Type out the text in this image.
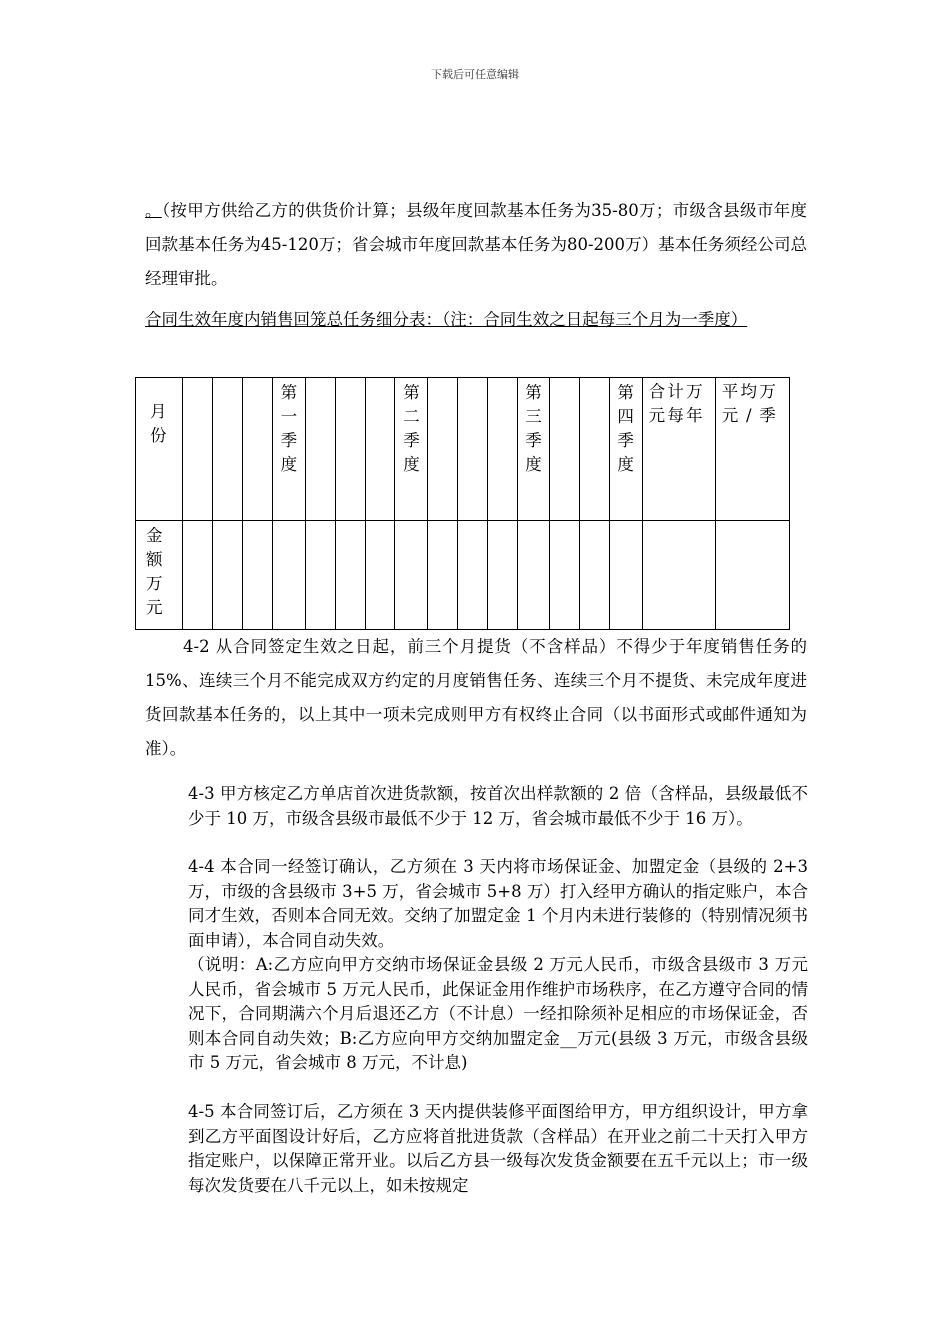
下载后可任意编辑

。（按甲方供给乙方的供货价计算；县级年度回款基本任务为35-80万；市级含县级市年度回款基本任务为45-120万；省会城市年度回款基本任务为80-200万）基本任务须经公司总经理审批。

合同生效年度内销售回笼总任务细分表：（注：合同生效之日起每三个月为一季度）

月份				第一季度				第二季度				第三季度			第四季度	合计万元每年	平均万元/季

金额万元																	

4-2 从合同签定生效之日起，前三个月提货（不含样品）不得少于年度销售任务的 15%、连续三个月不能完成双方约定的月度销售任务、连续三个月不提货、未完成年度进货回款基本任务的，以上其中一项未完成则甲方有权终止合同（以书面形式或邮件通知为准）。

4-3 甲方核定乙方单店首次进货款额，按首次出样款额的 2 倍（含样品，县级最低不少于 10 万，市级含县级市最低不少于 12 万，省会城市最低不少于 16 万）。

4-4 本合同一经签订确认，乙方须在 3 天内将市场保证金、加盟定金（县级的 2+3 万，市级的含县级市 3+5 万，省会城市 5+8 万）打入经甲方确认的指定账户，本合同才生效，否则本合同无效。交纳了加盟定金 1 个月内未进行装修的（特别情况须书面申请），本合同自动失效。

（说明：A:乙方应向甲方交纳市场保证金县级 2 万元人民币，市级含县级市 3 万元人民币，省会城市 5 万元人民币，此保证金用作维护市场秩序，在乙方遵守合同的情况下，合同期满六个月后退还乙方（不计息）一经扣除须补足相应的市场保证金，否则本合同自动失效；B:乙方应向甲方交纳加盟定金__万元(县级 3 万元，市级含县级市 5 万元，省会城市 8 万元，不计息)

4-5 本合同签订后，乙方须在 3 天内提供装修平面图给甲方，甲方组织设计，甲方拿到乙方平面图设计好后，乙方应将首批进货款（含样品）在开业之前二十天打入甲方指定账户，以保障正常开业。以后乙方县一级每次发货金额要在五千元以上；市一级每次发货要在八千元以上，如未按规定
